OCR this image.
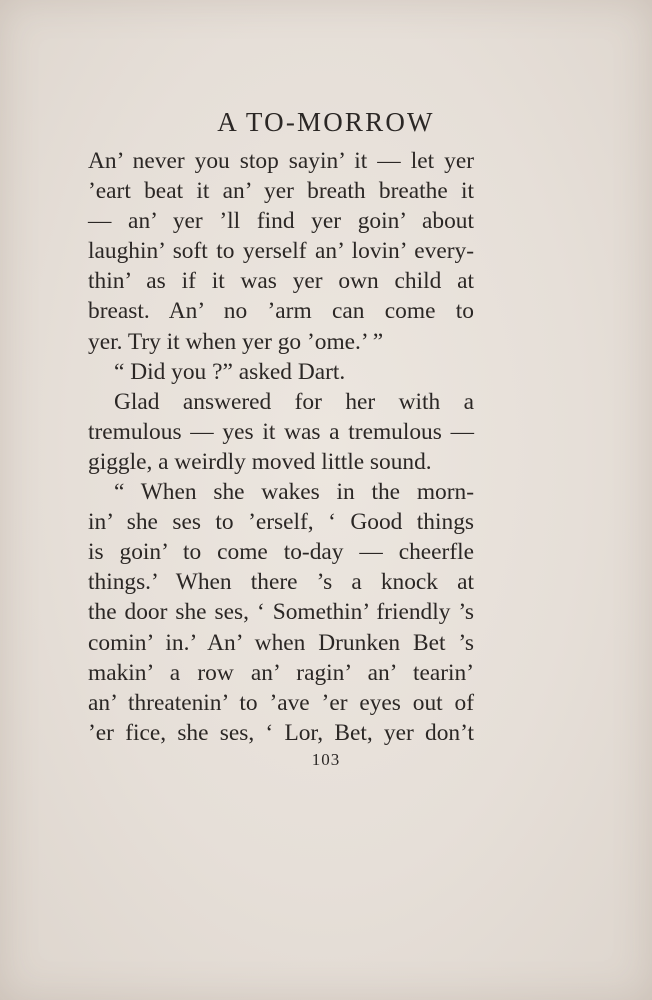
A TO-MORROW
An’ never you stop sayin’ it — let yer
’eart beat it an’ yer breath breathe it
— an’ yer ’ll find yer goin’ about
laughin’ soft to yerself an’ lovin’ every-
thin’ as if it was yer own child at
breast. An’ no ’arm can come to
yer. Try it when yer go ’ome.’ ”
“ Did you ?” asked Dart.
Glad answered for her with a
tremulous — yes it was a tremulous —
giggle, a weirdly moved little sound.
“ When she wakes in the morn-
in’ she ses to ’erself, ‘ Good things
is goin’ to come to-day — cheerfle
things.’ When there ’s a knock at
the door she ses, ‘ Somethin’ friendly ’s
comin’ in.’ An’ when Drunken Bet ’s
makin’ a row an’ ragin’ an’ tearin’
an’ threatenin’ to ’ave ’er eyes out of
’er fice, she ses, ‘ Lor, Bet, yer don’t
103
